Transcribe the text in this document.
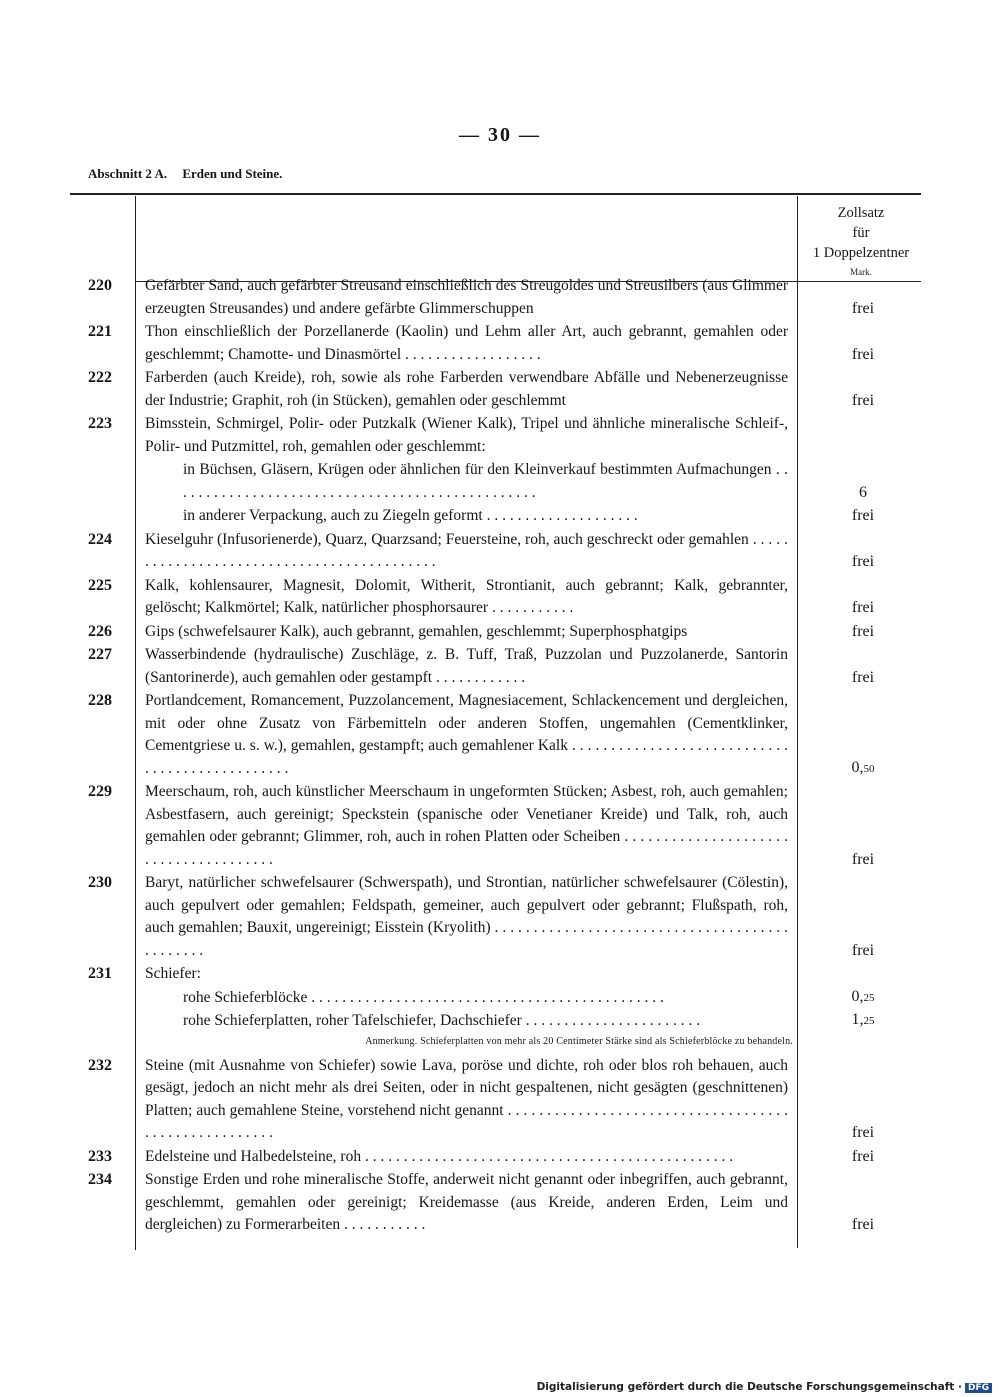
— 30 —
Abschnitt 2 A. Erden und Steine.
Zollsatz
für
1 Doppelzentner
Mark.
220	Gefärbter Sand, auch gefärbter Streusand einschließlich des Streugoldes und Streusilbers (aus Glimmer erzeugten Streusandes) und andere gefärbte Glimmerschuppen	frei
221	Thon einschließlich der Porzellanerde (Kaolin) und Lehm aller Art, auch gebrannt, gemahlen oder geschlemmt; Chamotte- und Dinasmörtel . . . . . . . . . . . . . . . . . .	frei
222	Farberden (auch Kreide), roh, sowie als rohe Farberden verwendbare Abfälle und Nebenerzeugnisse der Industrie; Graphit, roh (in Stücken), gemahlen oder geschlemmt	frei
223	Bimsstein, Schmirgel, Polir- oder Putzkalk (Wiener Kalk), Tripel und ähnliche mineralische Schleif-, Polir- und Putzmittel, roh, gemahlen oder geschlemmt:
in Büchsen, Gläsern, Krügen oder ähnlichen für den Kleinverkauf bestimmten Aufmachungen . . . . . . . . . . . . . . . . . . . . . . . . . . . . . . . . . . . . . . . . . . . . . . . .	6
in anderer Verpackung, auch zu Ziegeln geformt . . . . . . . . . . . . . . . . . . . .	frei
224	Kieselguhr (Infusorienerde), Quarz, Quarzsand; Feuersteine, roh, auch geschreckt oder gemahlen . . . . . . . . . . . . . . . . . . . . . . . . . . . . . . . . . . . . . . . . . . .	frei
225	Kalk, kohlensaurer, Magnesit, Dolomit, Witherit, Strontianit, auch gebrannt; Kalk, gebrannter, gelöscht; Kalkmörtel; Kalk, natürlicher phosphorsaurer . . . . . . . . . . .	frei
226	Gips (schwefelsaurer Kalk), auch gebrannt, gemahlen, geschlemmt; Superphosphatgips	frei
227	Wasserbindende (hydraulische) Zuschläge, z. B. Tuff, Traß, Puzzolan und Puzzolanerde, Santorin (Santorinerde), auch gemahlen oder gestampft . . . . . . . . . . . .	frei
228	Portlandcement, Romancement, Puzzolancement, Magnesiacement, Schlackencement und dergleichen, mit oder ohne Zusatz von Färbemitteln oder anderen Stoffen, ungemahlen (Cementklinker, Cementgriese u. s. w.), gemahlen, gestampft; auch gemahlener Kalk . . . . . . . . . . . . . . . . . . . . . . . . . . . . . . . . . . . . . . . . . . . . . . .	0,50
229	Meerschaum, roh, auch künstlicher Meerschaum in ungeformten Stücken; Asbest, roh, auch gemahlen; Asbestfasern, auch gereinigt; Speckstein (spanische oder Venetianer Kreide) und Talk, roh, auch gemahlen oder gebrannt; Glimmer, roh, auch in rohen Platten oder Scheiben . . . . . . . . . . . . . . . . . . . . . . . . . . . . . . . . . . . . . .	frei
230	Baryt, natürlicher schwefelsaurer (Schwerspath), und Strontian, natürlicher schwefelsaurer (Cölestin), auch gepulvert oder gemahlen; Feldspath, gemeiner, auch gepulvert oder gebrannt; Flußspath, roh, auch gemahlen; Bauxit, ungereinigt; Eisstein (Kryolith) . . . . . . . . . . . . . . . . . . . . . . . . . . . . . . . . . . . . . . . . . . . . . .	frei
231	Schiefer:
rohe Schieferblöcke . . . . . . . . . . . . . . . . . . . . . . . . . . . . . . . . . . . . . . . . . . . . . .	0,25
rohe Schieferplatten, roher Tafelschiefer, Dachschiefer . . . . . . . . . . . . . . . . . . . . . . .	1,25
Anmerkung. Schieferplatten von mehr als 20 Centimeter Stärke sind als Schieferblöcke zu behandeln.
232	Steine (mit Ausnahme von Schiefer) sowie Lava, poröse und dichte, roh oder blos roh behauen, auch gesägt, jedoch an nicht mehr als drei Seiten, oder in nicht gespaltenen, nicht gesägten (geschnittenen) Platten; auch gemahlene Steine, vorstehend nicht genannt . . . . . . . . . . . . . . . . . . . . . . . . . . . . . . . . . . . . . . . . . . . . . . . . . . . . .	frei
233	Edelsteine und Halbedelsteine, roh . . . . . . . . . . . . . . . . . . . . . . . . . . . . . . . . . . . . . . . . . . . . . . . .	frei
234	Sonstige Erden und rohe mineralische Stoffe, anderweit nicht genannt oder inbegriffen, auch gebrannt, geschlemmt, gemahlen oder gereinigt; Kreidemasse (aus Kreide, anderen Erden, Leim und dergleichen) zu Formerarbeiten . . . . . . . . . . .	frei
Digitalisierung gefördert durch die Deutsche Forschungsgemeinschaft · DFG
